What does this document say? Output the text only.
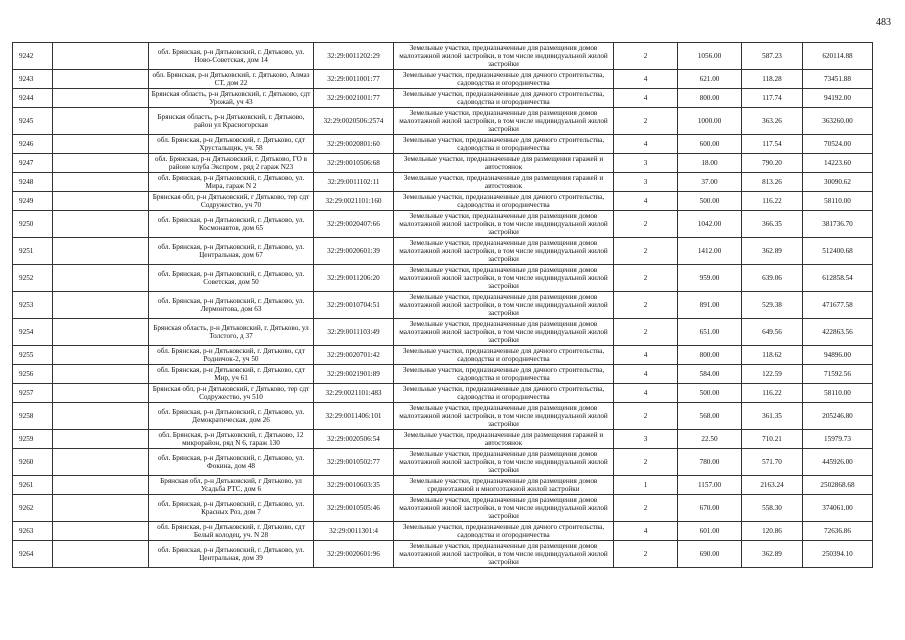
483
9242		обл. Брянская, р-н Дятьковский, г. Дятьково, ул. Ново-Советская, дом 14	32:29:0011202:29	Земельные участки, предназначенные для размещения домов малоэтажной жилой застройки, в том числе индивидуальной жилой застройки	2	1056.00	587.23	620114.88
9243		обл. Брянская, р-н Дятьковский, г. Дятьково, Алмаз СТ, дом 22	32:29:0011001:77	Земельные участки, предназначенные для дачного строительства, садоводства и огородничества	4	621.00	118.28	73451.88
9244		Брянская область, р-н Дятьковский, г. Дятьково, сдт Урожай, уч 43	32:29:0021001:77	Земельные участки, предназначенные для дачного строительства, садоводства и огородничества	4	800.00	117.74	94192.00
9245		Брянская область, р-н Дятьковский, г. Дятьково, район ул Красногорская	32:29:0020506:2574	Земельные участки, предназначенные для размещения домов малоэтажной жилой застройки, в том числе индивидуальной жилой застройки	2	1000.00	363.26	363260.00
9246		обл. Брянская, р-н Дятьковский, г. Дятьково, сдт Хрустальщик, уч. 58	32:29:0020801:60	Земельные участки, предназначенные для дачного строительства, садоводства и огородничества	4	600.00	117.54	70524.00
9247		обл. Брянская, р-н Дятьковский, г. Дятьково, ГО в районе клуба Экспром , ряд 2 гараж N23	32:29:0010506:68	Земельные участки, предназначенные для размещения гаражей и автостоянок	3	18.00	790.20	14223.60
9248		обл. Брянская, р-н Дятьковский, г. Дятьково, ул. Мира, гараж N 2	32:29:0011102:11	Земельные участки, предназначенные для размещения гаражей и автостоянок	3	37.00	813.26	30090.62
9249		Брянская обл, р-н Дятьковский, г Дятьково, тер сдт Содружество, уч 70	32:29:0021101:160	Земельные участки, предназначенные для дачного строительства, садоводства и огородничества	4	500.00	116.22	58110.00
9250		обл. Брянская, р-н Дятьковский, г. Дятьково, ул. Космонавтов, дом 65	32:29:0020407:66	Земельные участки, предназначенные для размещения домов малоэтажной жилой застройки, в том числе индивидуальной жилой застройки	2	1042.00	366.35	381736.70
9251		обл. Брянская, р-н Дятьковский, г. Дятьково, ул. Центральная, дом 67	32:29:0020601:39	Земельные участки, предназначенные для размещения домов малоэтажной жилой застройки, в том числе индивидуальной жилой застройки	2	1412.00	362.89	512400.68
9252		обл. Брянская, р-н Дятьковский, г. Дятьково, ул. Советская, дом 50	32:29:0011206:20	Земельные участки, предназначенные для размещения домов малоэтажной жилой застройки, в том числе индивидуальной жилой застройки	2	959.00	639.06	612858.54
9253		обл. Брянская, р-н Дятьковский, г. Дятьково, ул. Лермонтова, дом 63	32:29:0010704:51	Земельные участки, предназначенные для размещения домов малоэтажной жилой застройки, в том числе индивидуальной жилой застройки	2	891.00	529.38	471677.58
9254		Брянская область, р-н Дятьковский, г. Дятьково, ул Толстого, д 37	32:29:0011103:49	Земельные участки, предназначенные для размещения домов малоэтажной жилой застройки, в том числе индивидуальной жилой застройки	2	651.00	649.56	422863.56
9255		обл. Брянская, р-н Дятьковский, г. Дятьково, сдт Родничок-2, уч 50	32:29:0020701:42	Земельные участки, предназначенные для дачного строительства, садоводства и огородничества	4	800.00	118.62	94896.00
9256		обл. Брянская, р-н Дятьковский, г. Дятьково, сдт Мир, уч 61	32:29:0021901:89	Земельные участки, предназначенные для дачного строительства, садоводства и огородничества	4	584.00	122.59	71592.56
9257		Брянская обл, р-н Дятьковский, г Дятьково, тер сдт Содружество, уч 510	32:29:0021101:483	Земельные участки, предназначенные для дачного строительства, садоводства и огородничества	4	500.00	116.22	58110.00
9258		обл. Брянская, р-н Дятьковский, г. Дятьково, ул. Демократическая, дом 26	32:29:0011406:101	Земельные участки, предназначенные для размещения домов малоэтажной жилой застройки, в том числе индивидуальной жилой застройки	2	568.00	361.35	205246.80
9259		обл. Брянская, р-н Дятьковский, г. Дятьково, 12 микрорайон, ряд N 6, гараж 130	32:29:0020506:54	Земельные участки, предназначенные для размещения гаражей и автостоянок	3	22.50	710.21	15979.73
9260		обл. Брянская, р-н Дятьковский, г. Дятьково, ул. Фокина, дом 48	32:29:0010502:77	Земельные участки, предназначенные для размещения домов малоэтажной жилой застройки, в том числе индивидуальной жилой застройки	2	780.00	571.70	445926.00
9261		Брянская обл, р-н Дятьковский, г Дятьково, ул Усадьба РТС, дом 6	32:29:0010603:35	Земельные участки, предназначенные для размещения домов среднеэтажной и многоэтажной жилой застройки	1	1157.00	2163.24	2502868.68
9262		обл. Брянская, р-н Дятьковский, г. Дятьково, ул. Красных Роз, дом 7	32:29:0010505:46	Земельные участки, предназначенные для размещения домов малоэтажной жилой застройки, в том числе индивидуальной жилой застройки	2	670.00	558.30	374061.00
9263		обл. Брянская, р-н Дятьковский, г. Дятьково, сдт Белый колодец, уч. N 28	32:29:0011301:4	Земельные участки, предназначенные для дачного строительства, садоводства и огородничества	4	601.00	120.86	72636.86
9264		обл. Брянская, р-н Дятьковский, г. Дятьково, ул. Центральная, дом 39	32:29:0020601:96	Земельные участки, предназначенные для размещения домов малоэтажной жилой застройки, в том числе индивидуальной жилой застройки	2	690.00	362.89	250394.10
